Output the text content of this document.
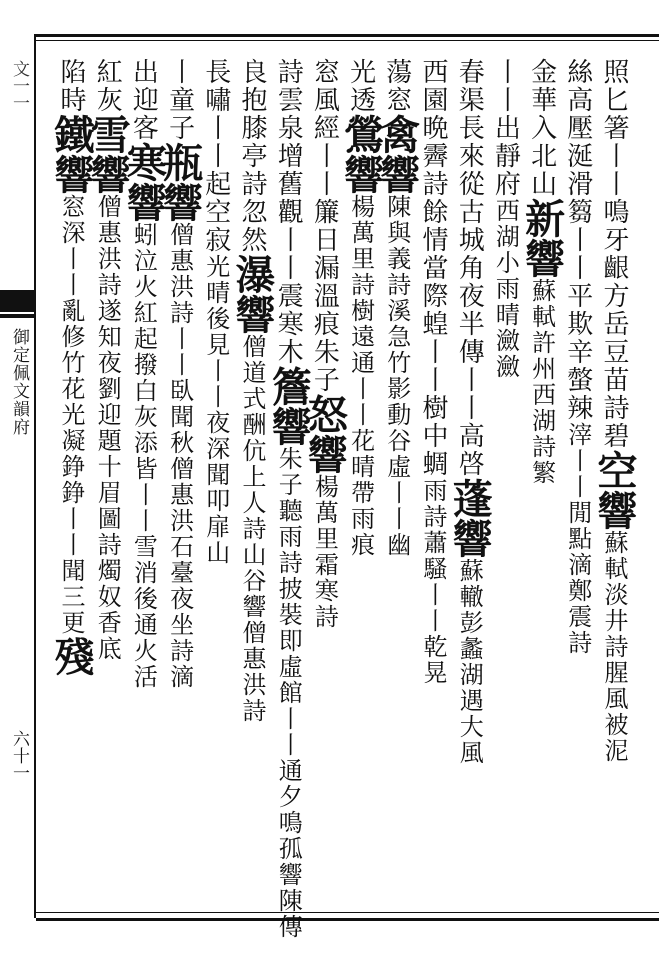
文一一
御定佩文韻府
六十一
照匕箸丨丨鳴牙齦方岳豆苗詩碧空響蘇軾淡井詩腥風被泥
絲高壓涎滑篘丨丨平欺辛螫辣滓丨丨閒點滴鄭震詩
金華入北山新響蘇軾許州西湖詩繁
丨丨出靜府西湖小雨晴瀲瀲
春渠長來從古城角夜半傳丨丨高啓蓬響蘇轍彭蠡湖遇大風
西園晩霽詩餘情當際蝗丨丨樹中蜩雨詩蕭騷丨丨乾晃
蕩窓禽響陳與義詩溪急竹影動谷虛丨丨幽
光透鶯響楊萬里詩樹遠通丨丨花晴帶雨痕
窓風經丨丨簾日漏溫痕朱子怒響楊萬里霜寒詩
詩雲泉增舊觀丨丨震寒木簷響朱子聽雨詩披裝即虛館丨丨通夕鳴孤響陳傳
良抱膝亭詩忽然瀑響僧道式酬伉上人詩山谷響僧惠洪詩
長嘯丨丨起空寂光晴後見丨丨夜深聞叩扉山
丨童子瓶響僧惠洪詩丨丨臥聞秋僧惠洪石臺夜坐詩滴
出迎客寒響蚓泣火紅起撥白灰添皆丨丨雪消後通火活
紅灰雪響僧惠洪詩遂知夜劉迎題十眉圖詩燭奴香底
陷時鐵響窓深丨丨亂修竹花光凝錚錚丨丨聞三更殘
